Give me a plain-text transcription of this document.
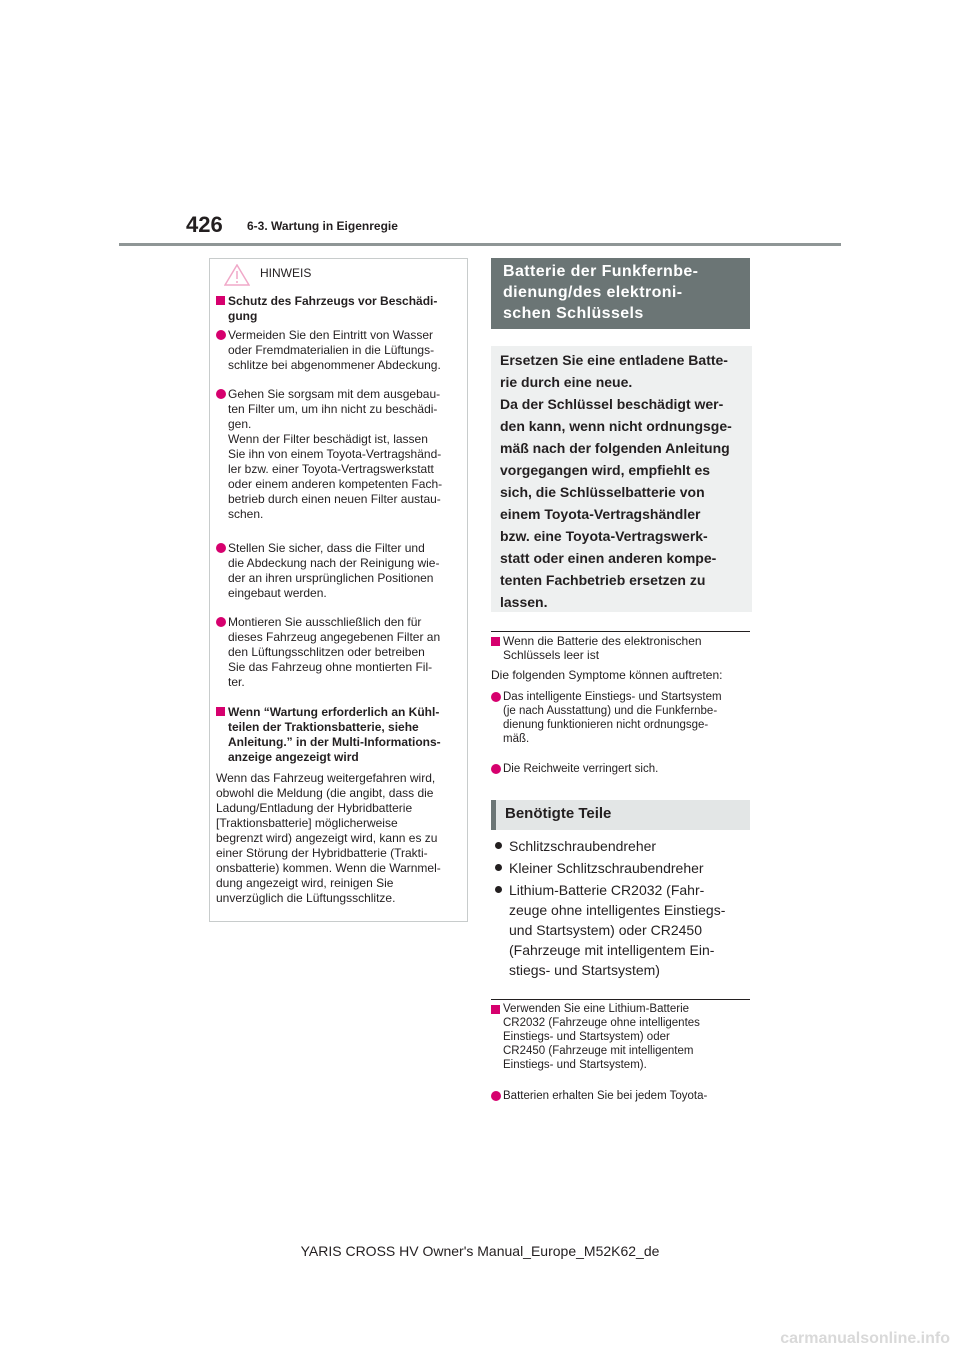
426 6-3. Wartung in Eigenregie
HINWEIS
Schutz des Fahrzeugs vor Beschädi-
gung
Vermeiden Sie den Eintritt von Wasser
oder Fremdmaterialien in die Lüftungs-
schlitze bei abgenommener Abdeckung.
Gehen Sie sorgsam mit dem ausgebau-
ten Filter um, um ihn nicht zu beschädi-
gen.
Wenn der Filter beschädigt ist, lassen
Sie ihn von einem Toyota-Vertragshänd-
ler bzw. einer Toyota-Vertragswerkstatt
oder einem anderen kompetenten Fach-
betrieb durch einen neuen Filter austau-
schen.
Stellen Sie sicher, dass die Filter und
die Abdeckung nach der Reinigung wie-
der an ihren ursprünglichen Positionen
eingebaut werden.
Montieren Sie ausschließlich den für
dieses Fahrzeug angegebenen Filter an
den Lüftungsschlitzen oder betreiben
Sie das Fahrzeug ohne montierten Fil-
ter.
Wenn “Wartung erforderlich an Kühl-
teilen der Traktionsbatterie, siehe
Anleitung.” in der Multi-Informations-
anzeige angezeigt wird
Wenn das Fahrzeug weitergefahren wird,
obwohl die Meldung (die angibt, dass die
Ladung/Entladung der Hybridbatterie
[Traktionsbatterie] möglicherweise
begrenzt wird) angezeigt wird, kann es zu
einer Störung der Hybridbatterie (Trakti-
onsbatterie) kommen. Wenn die Warnmel-
dung angezeigt wird, reinigen Sie
unverzüglich die Lüftungsschlitze.
Batterie der Funkfernbe-
dienung/des elektroni-
schen Schlüssels
Ersetzen Sie eine entladene Batte-
rie durch eine neue.
Da der Schlüssel beschädigt wer-
den kann, wenn nicht ordnungsge-
mäß nach der folgenden Anleitung
vorgegangen wird, empfiehlt es
sich, die Schlüsselbatterie von
einem Toyota-Vertragshändler
bzw. eine Toyota-Vertragswerk-
statt oder einen anderen kompe-
tenten Fachbetrieb ersetzen zu
lassen.
Wenn die Batterie des elektronischen
Schlüssels leer ist
Die folgenden Symptome können auftreten:
Das intelligente Einstiegs- und Startsystem
(je nach Ausstattung) und die Funkfernbe-
dienung funktionieren nicht ordnungsge-
mäß.
Die Reichweite verringert sich.
Benötigte Teile
Schlitzschraubendreher
Kleiner Schlitzschraubendreher
Lithium-Batterie CR2032 (Fahr-
zeuge ohne intelligentes Einstiegs-
und Startsystem) oder CR2450
(Fahrzeuge mit intelligentem Ein-
stiegs- und Startsystem)
Verwenden Sie eine Lithium-Batterie
CR2032 (Fahrzeuge ohne intelligentes
Einstiegs- und Startsystem) oder
CR2450 (Fahrzeuge mit intelligentem
Einstiegs- und Startsystem).
Batterien erhalten Sie bei jedem Toyota-
YARIS CROSS HV Owner's Manual_Europe_M52K62_de
carmanualsonline.info
